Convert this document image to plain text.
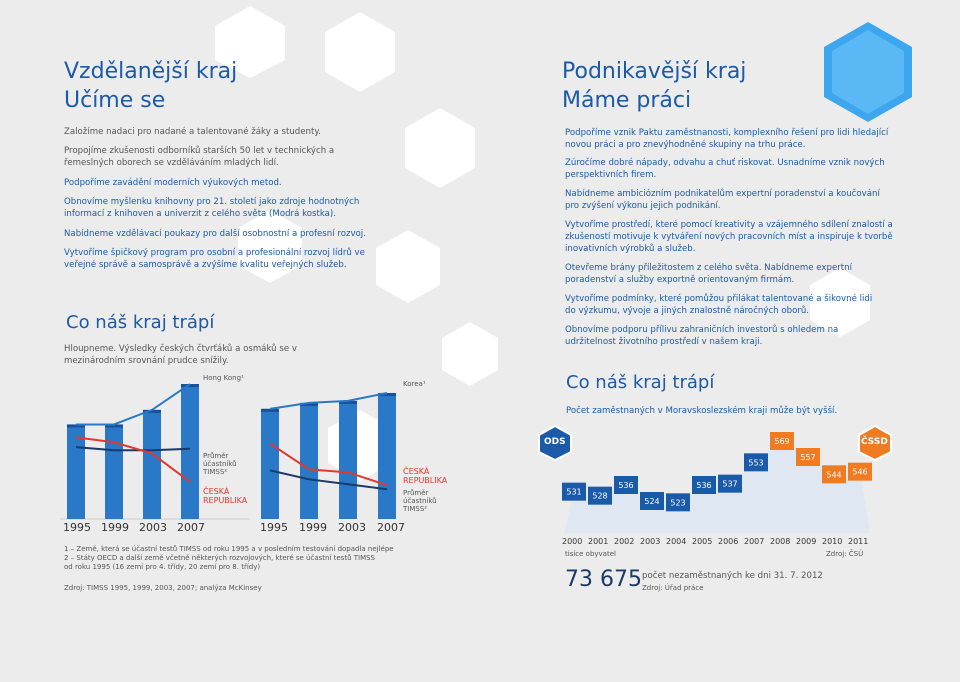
Vzdělanější kraj
Učíme se
Založíme nadaci pro nadané a talentované žáky a studenty.
Propojíme zkušenosti odborníků starších 50 let v technických a řemeslných oborech se vzděláváním mladých lidí.
Podpoříme zavádění moderních výukových metod.
Obnovíme myšlenku knihovny pro 21. století jako zdroje hodnotných informací z knihoven a univerzit z celého světa (Modrá kostka).
Nabídneme vzdělávací poukazy pro další osobnostní a profesní rozvoj.
Vytvoříme špičkový program pro osobní a profesionální rozvoj lídrů ve veřejné správě a samosprávě a zvýšíme kvalitu veřejných služeb.
Co náš kraj trápí
Hloupneme. Výsledky českých čtvrťáků a osmáků se v mezinárodním srovnání prudce snížily.
Hong Kong¹
Průměr účastníků TIMSS²
ČESKÁ REPUBLIKA
1995 1999 2003 2007
Korea¹
ČESKÁ REPUBLIKA
Průměr účastníků TIMSS²
1995 1999 2003 2007
1 – Země, která se účastní testů TIMSS od roku 1995 a v posledním testování dopadla nejlépe
2 – Státy OECD a další země včetně některých rozvojových, které se účastní testů TIMSS
od roku 1995 (16 zemí pro 4. třídy, 20 zemí pro 8. třídy)
Zdroj: TIMSS 1995, 1999, 2003, 2007; analýza McKinsey
Podnikavější kraj
Máme práci
Podpoříme vznik Paktu zaměstnanosti, komplexního řešení pro lidi hledající novou práci a pro znevýhodněné skupiny na trhu práce.
Zúročíme dobré nápady, odvahu a chuť riskovat. Usnadníme vznik nových perspektivních firem.
Nabídneme ambiciózním podnikatelům expertní poradenství a koučování pro zvýšení výkonu jejich podnikání.
Vytvoříme prostředí, které pomocí kreativity a vzájemného sdílení znalostí a zkušeností motivuje k vytváření nových pracovních míst a inspiruje k tvorbě inovativních výrobků a služeb.
Otevřeme brány příležitostem z celého světa. Nabídneme expertní poradenství a služby exportně orientovaným firmám.
Vytvoříme podmínky, které pomůžou přilákat talentované a šikovné lidi do výzkumu, vývoje a jiných znalostně náročných oborů.
Obnovíme podporu přílivu zahraničních investorů s ohledem na udržitelnost životního prostředí v našem kraji.
Co náš kraj trápí
Počet zaměstnaných v Moravskoslezském kraji může být vyšší.
531 528
536
524 523
536 537
553
569
557
544 546
ODS	ČSSD
2000 2001 2002 2003 2004 2005 2006 2007 2008 2009 2010 2011
tisíce obyvatel	Zdroj: ČSÚ
73 675 počet nezaměstnaných ke dni 31. 7. 2012
Zdroj: Úřad práce
